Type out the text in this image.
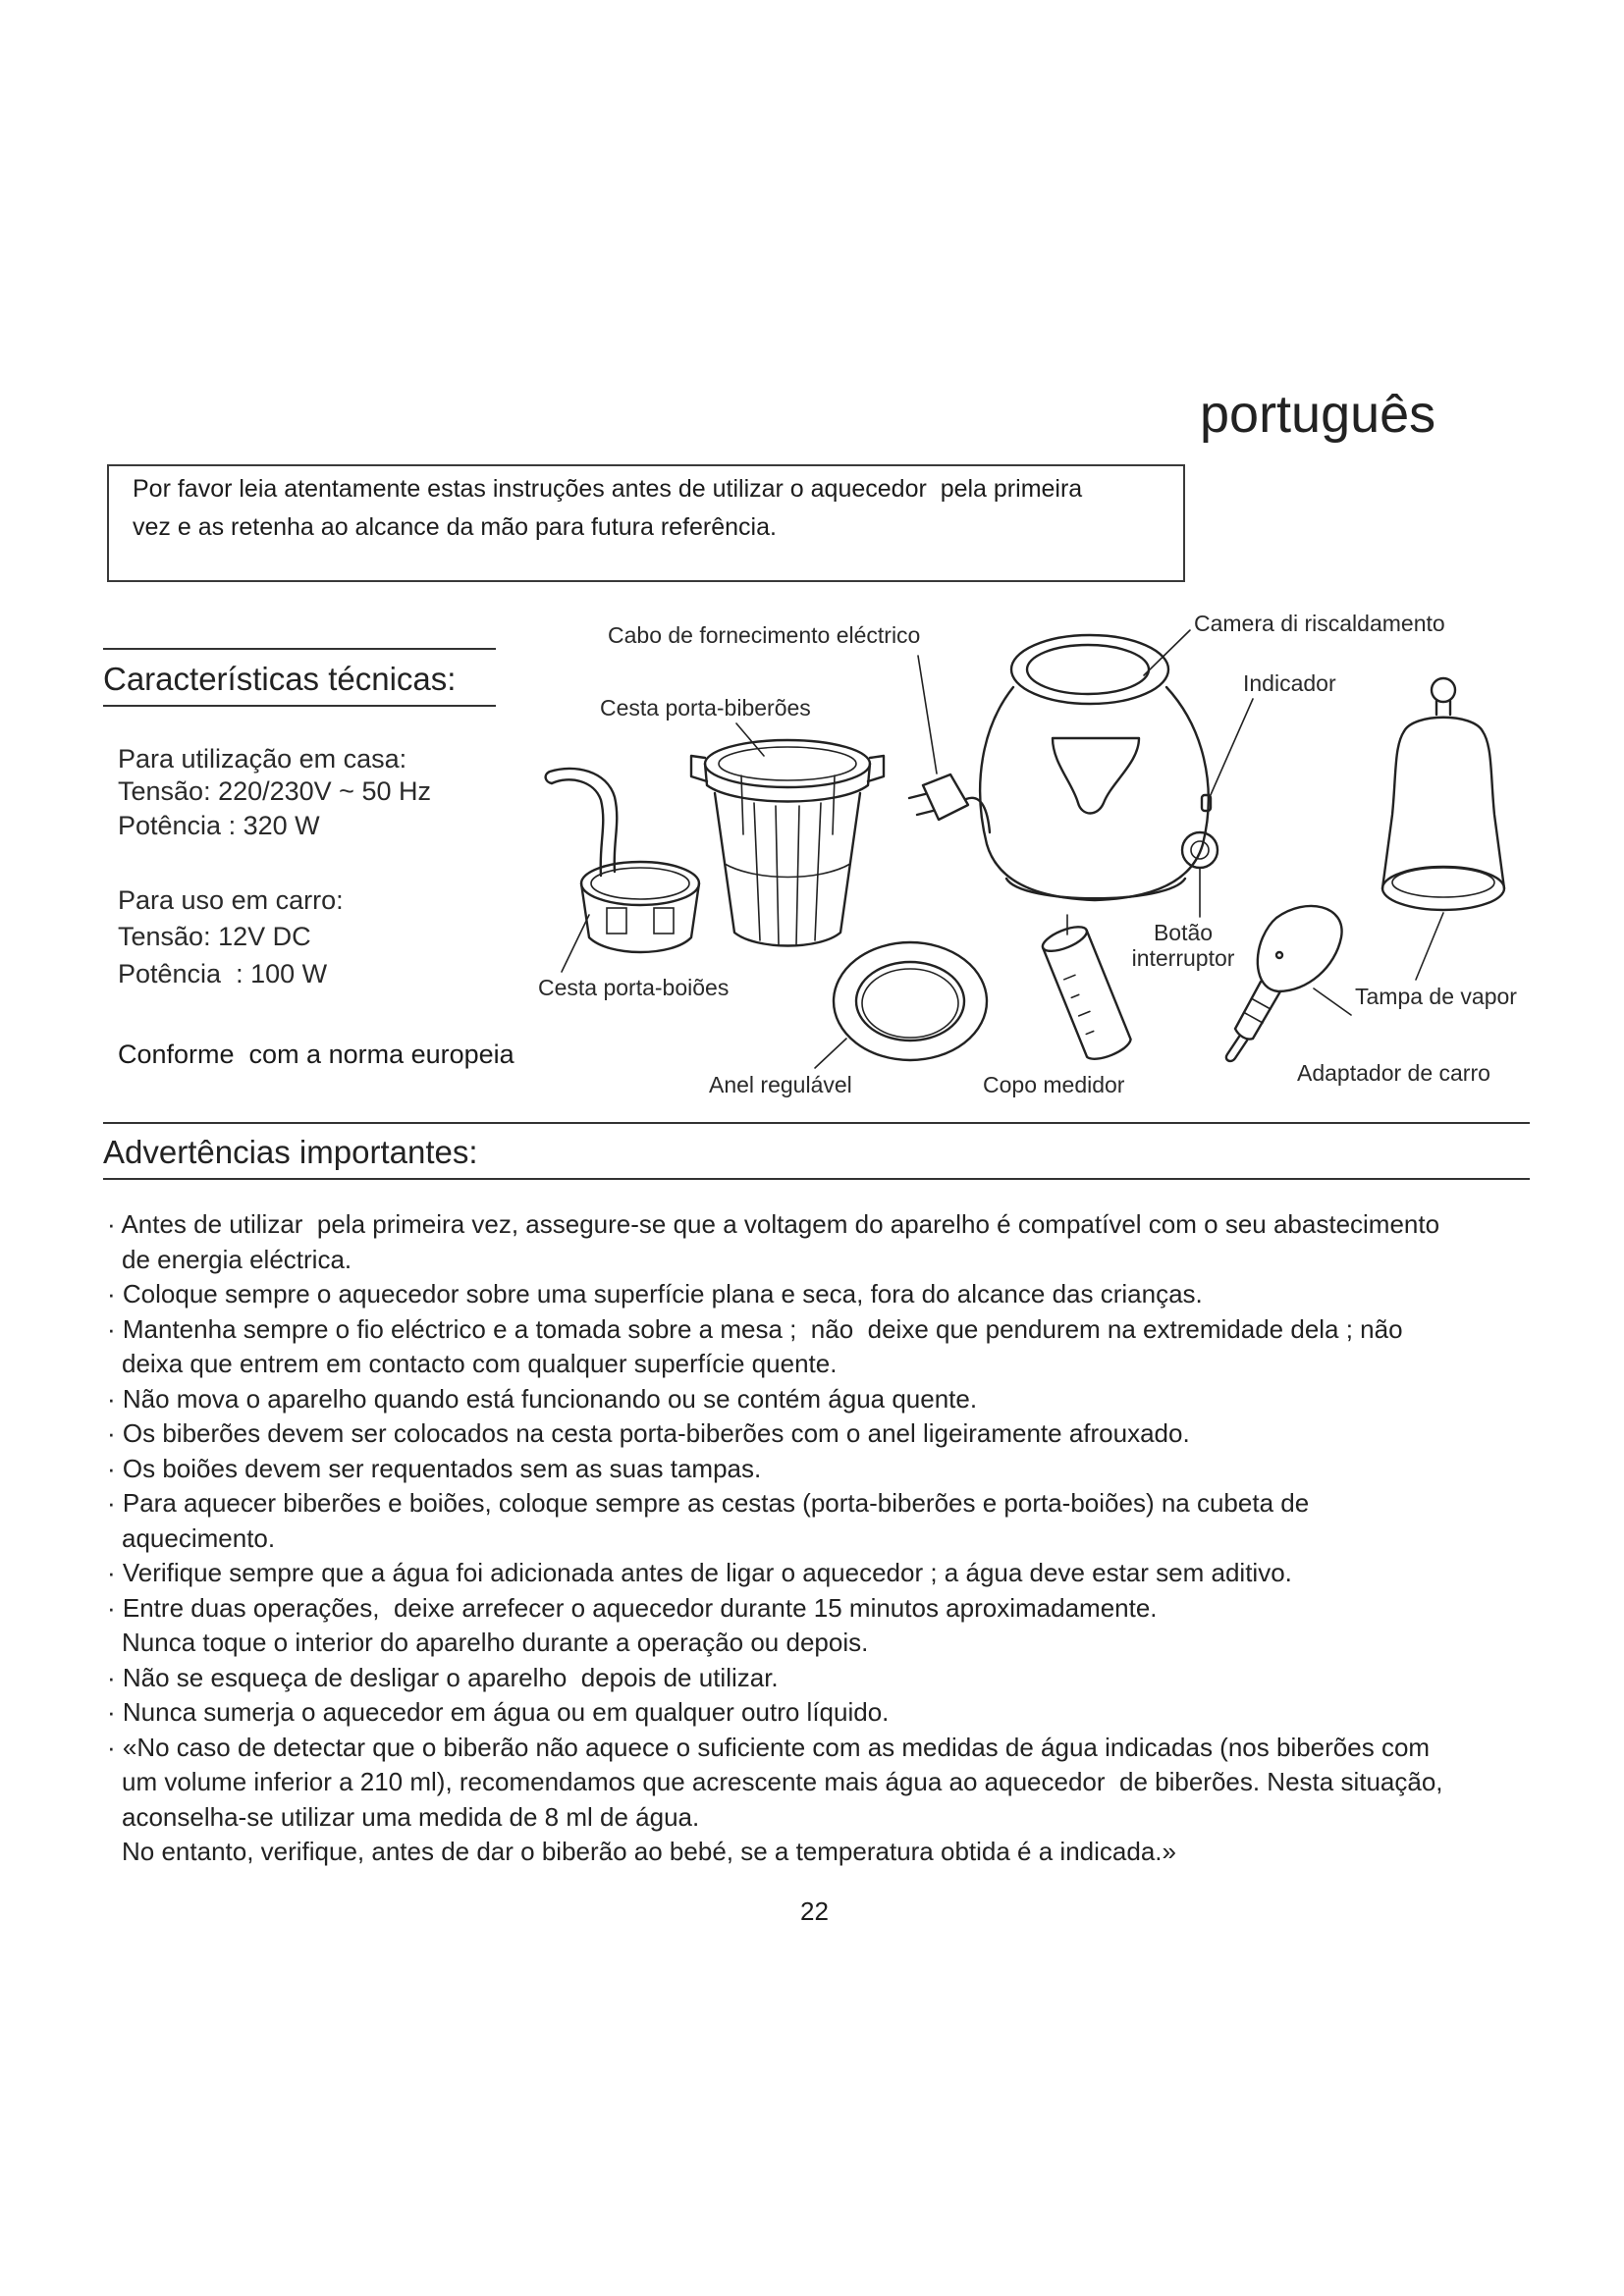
português
Por favor leia atentamente estas instruções antes de utilizar o aquecedor  pela primeira
vez e as retenha ao alcance da mão para futura referência.
Características técnicas:
Para utilização em casa:
Tensão: 220/230V ~ 50 Hz
Potência : 320 W
Para uso em carro:
Tensão: 12V DC
Potência  : 100 W
Conforme  com a norma europeia
Cabo de fornecimento eléctrico
Cesta porta-biberões
Camera di riscaldamento
Indicador
Botão
interruptor
Cesta porta-boiões	Tampa de vapor
Anel regulável	Copo medidor	Adaptador de carro
Advertências importantes:
· Antes de utilizar  pela primeira vez, assegure-se que a voltagem do aparelho é compatível com o seu abastecimento
de energia eléctrica.
· Coloque sempre o aquecedor sobre uma superfície plana e seca, fora do alcance das crianças.
· Mantenha sempre o fio eléctrico e a tomada sobre a mesa ;  não  deixe que pendurem na extremidade dela ; não
deixa que entrem em contacto com qualquer superfície quente.
· Não mova o aparelho quando está funcionando ou se contém água quente.
· Os biberões devem ser colocados na cesta porta-biberões com o anel ligeiramente afrouxado.
· Os boiões devem ser requentados sem as suas tampas.
· Para aquecer biberões e boiões, coloque sempre as cestas (porta-biberões e porta-boiões) na cubeta de
aquecimento.
· Verifique sempre que a água foi adicionada antes de ligar o aquecedor ; a água deve estar sem aditivo.
· Entre duas operações,  deixe arrefecer o aquecedor durante 15 minutos aproximadamente.
Nunca toque o interior do aparelho durante a operação ou depois.
· Não se esqueça de desligar o aparelho  depois de utilizar.
· Nunca sumerja o aquecedor em água ou em qualquer outro líquido.
· «No caso de detectar que o biberão não aquece o suficiente com as medidas de água indicadas (nos biberões com
um volume inferior a 210 ml), recomendamos que acrescente mais água ao aquecedor  de biberões. Nesta situação,
aconselha-se utilizar uma medida de 8 ml de água.
No entanto, verifique, antes de dar o biberão ao bebé, se a temperatura obtida é a indicada.»
22
